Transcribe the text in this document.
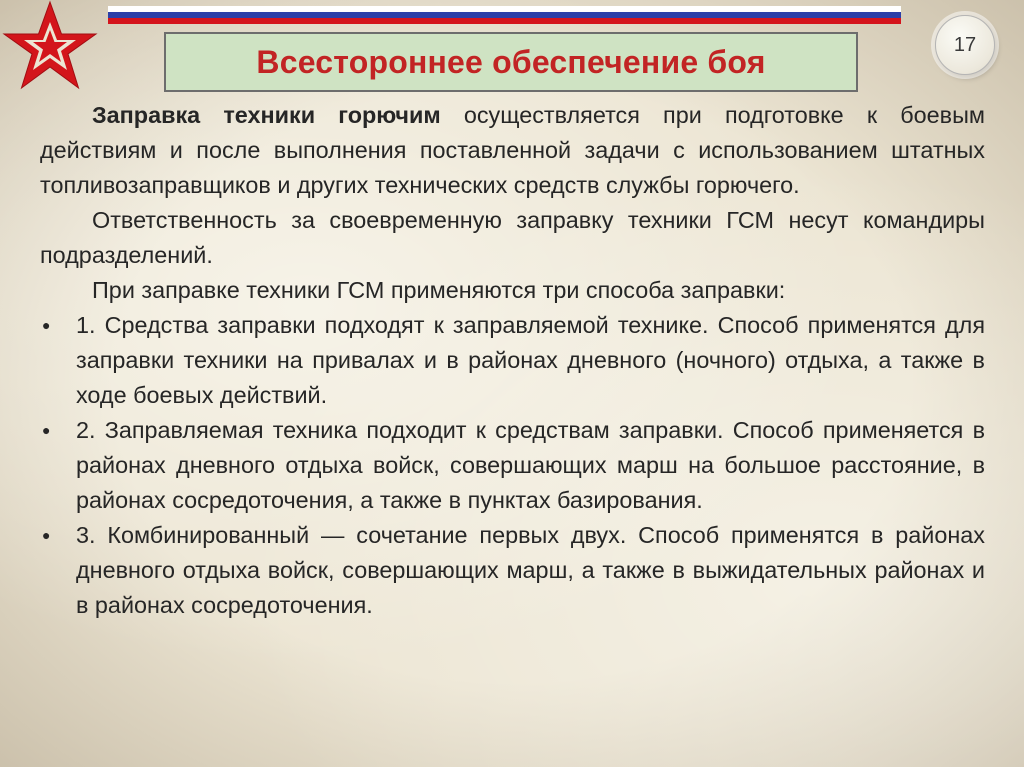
Всестороннее обеспечение боя	17

Заправка техники горючим осуществляется при подготовке к боевым действиям и после выполнения поставленной задачи с использованием штатных топливозаправщиков и других технических средств службы горючего.

Ответственность за своевременную заправку техники ГСМ несут командиры подразделений.

При заправке техники ГСМ применяются три способа заправки:

● 1. Средства заправки подходят к заправляемой технике. Способ применятся для заправки техники на привалах и в районах дневного (ночного) отдыха, а также в ходе боевых действий.
● 2. Заправляемая техника подходит к средствам заправки. Способ применяется в районах дневного отдыха войск, совершающих марш на большое расстояние, в районах сосредоточения, а также в пунктах базирования.
● 3. Комбинированный — сочетание первых двух. Способ применятся в районах дневного отдыха войск, совершающих марш, а также в выжидательных районах и в районах сосредоточения.
